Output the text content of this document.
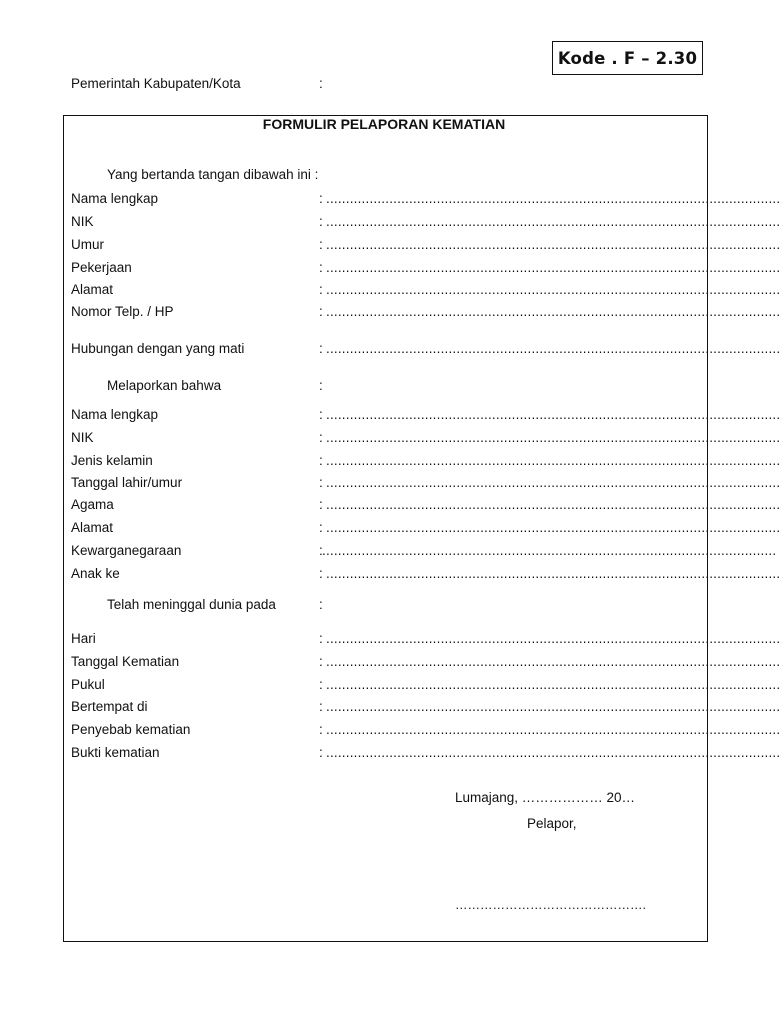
Kode . F – 2.30
Pemerintah Kabupaten/Kota	:
FORMULIR PELAPORAN KEMATIAN
Yang bertanda tangan dibawah ini :
Nama lengkap	: ...................................................................................................................
NIK	: ...................................................................................................................
Umur	: ...................................................................................................................
Pekerjaan	: ...................................................................................................................
Alamat	: ...................................................................................................................
Nomor Telp. / HP	: ...................................................................................................................
Hubungan dengan yang mati	: ...................................................................................................................
Melaporkan bahwa	:
Nama lengkap	: ...................................................................................................................
NIK	: ...................................................................................................................
Jenis kelamin	: ...................................................................................................................
Tanggal lahir/umur	: ...................................................................................................................
Agama	: ...................................................................................................................
Alamat	: ...................................................................................................................
Kewarganegaraan	: ...................................................................................................................
Anak ke	: ...................................................................................................................
Telah meninggal dunia pada	:
Hari	: ...................................................................................................................
Tanggal Kematian	: ...................................................................................................................
Pukul	: ...................................................................................................................
Bertempat di	: ...................................................................................................................
Penyebab kematian	: ...................................................................................................................
Bukti kematian	: ...................................................................................................................
Lumajang, ……………… 20…
Pelapor,
……………………………………….
